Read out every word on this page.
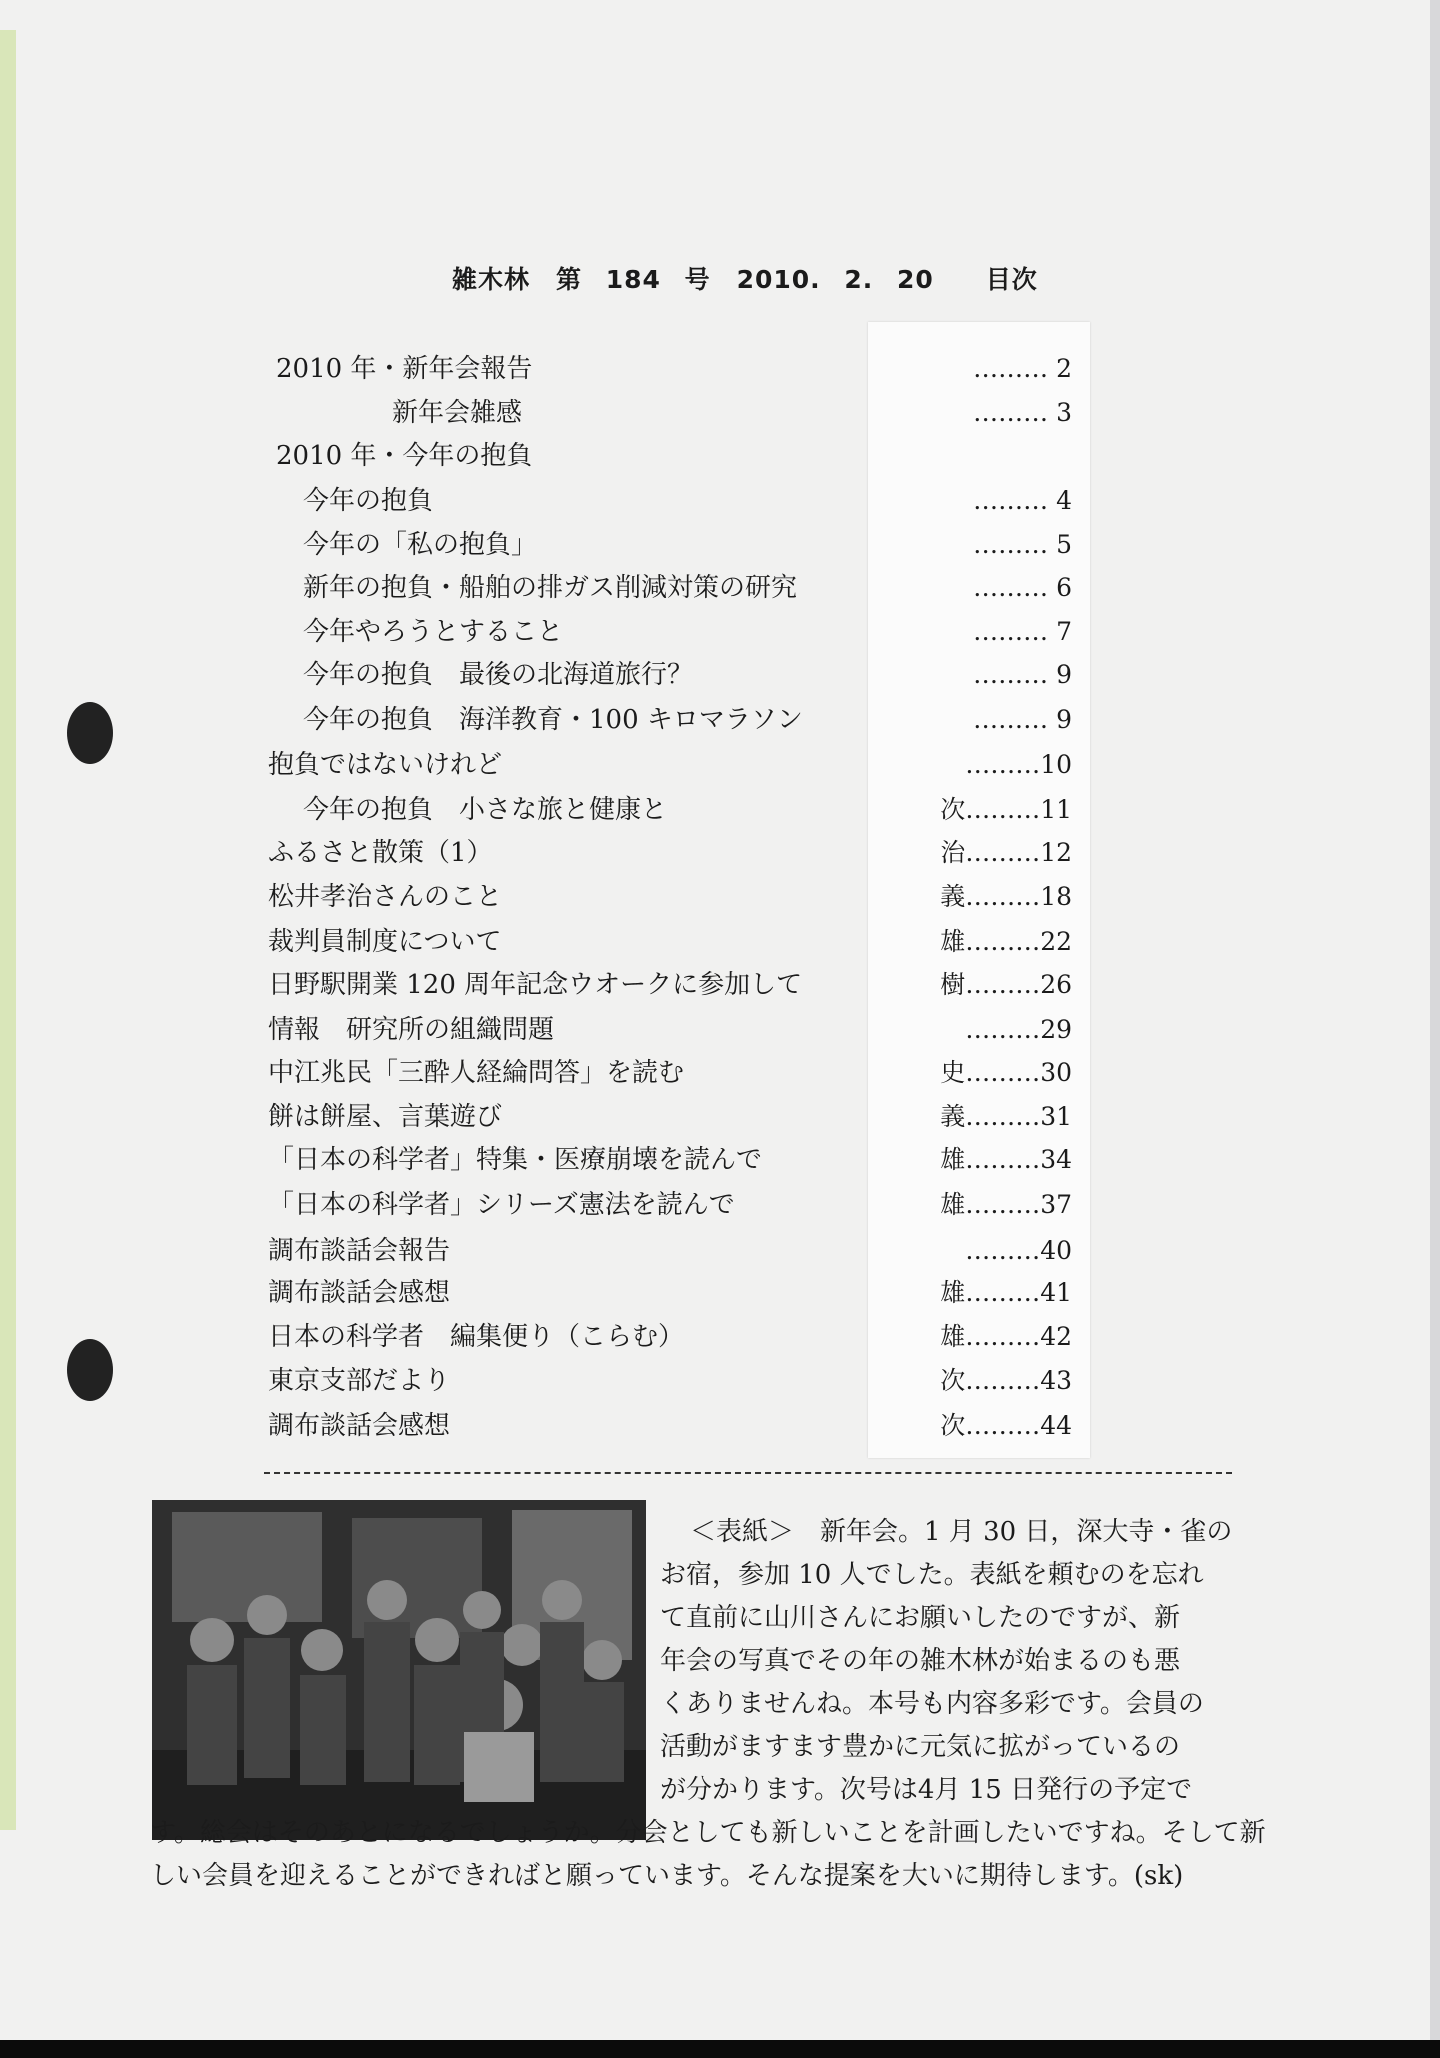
雑木林　第 184 号　2010. 2. 20　　目次
2010 年・新年会報告
新年会雑感
2010 年・今年の抱負
今年の抱負
今年の「私の抱負」
新年の抱負・船舶の排ガス削減対策の研究
今年やろうとすること
今年の抱負　最後の北海道旅行？
今年の抱負　海洋教育・100 キロマラソン
抱負ではないけれど
今年の抱負　小さな旅と健康と
ふるさと散策（1）
松井孝治さんのこと
裁判員制度について
日野駅開業 120 周年記念ウオークに参加して
情報　研究所の組織問題
中江兆民「三酔人経綸問答」を読む
餅は餅屋、言葉遊び
「日本の科学者」特集・医療崩壊を読んで
「日本の科学者」シリーズ憲法を読んで
調布談話会報告
調布談話会感想
日本の科学者　編集便り（こらむ）
東京支部だより
調布談話会感想
……… 2
……… 3
……… 4
……… 5
……… 6
……… 7
……… 9
……… 9
………10
次………11
治………12
義………18
雄………22
樹………26
………29
史………30
義………31
雄………34
雄………37
………40
雄………41
雄………42
次………43
次………44
＜表紙＞　新年会。1 月 30 日，深大寺・雀の
お宿，参加 10 人でした。表紙を頼むのを忘れ
て直前に山川さんにお願いしたのですが、新
年会の写真でその年の雑木林が始まるのも悪
くありませんね。本号も内容多彩です。会員の
活動がますます豊かに元気に拡がっているの
が分かります。次号は4月 15 日発行の予定で
す。総会はそのあとになるでしょうか。分会としても新しいことを計画したいですね。そして新
しい会員を迎えることができればと願っています。そんな提案を大いに期待します。(sk)
